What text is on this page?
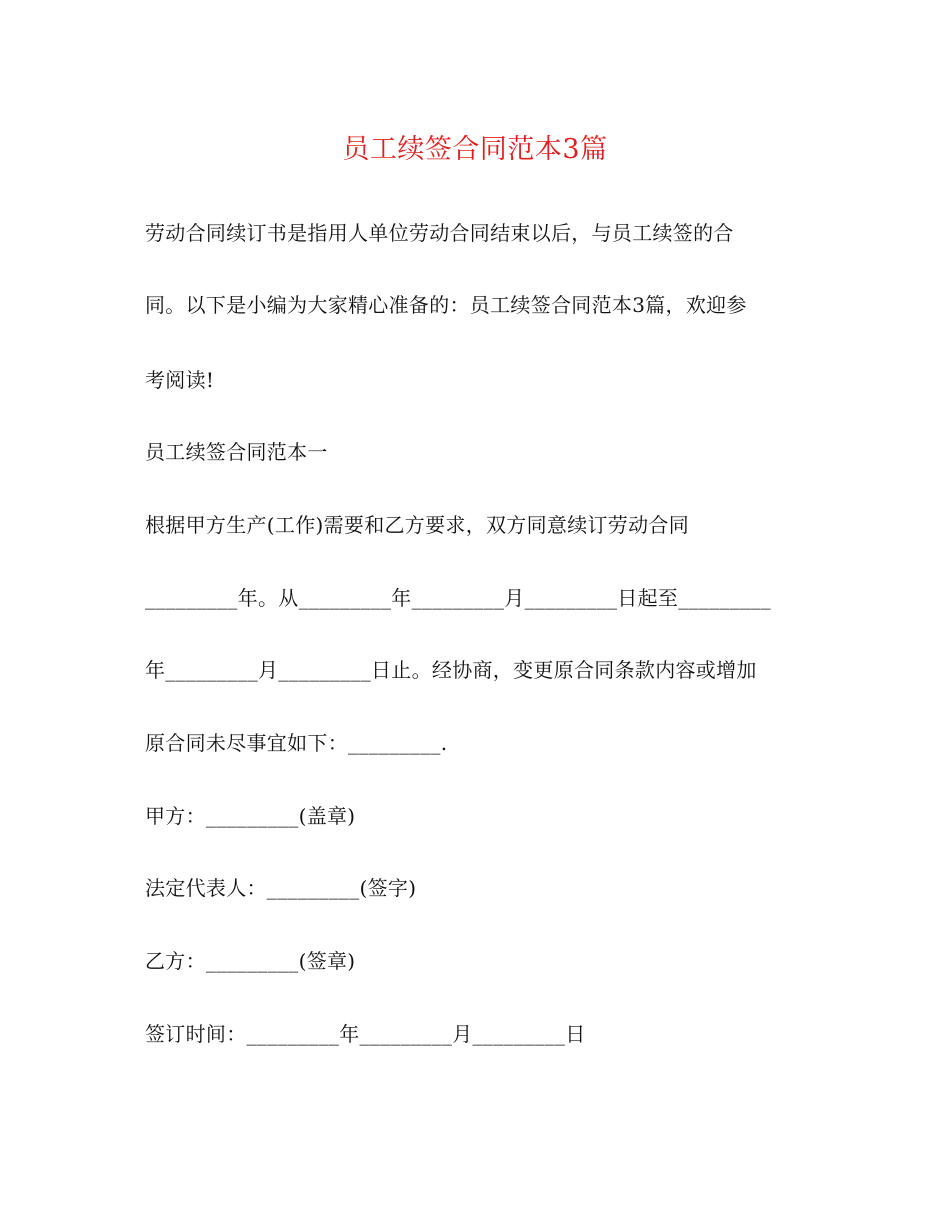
员工续签合同范本3篇
劳动合同续订书是指用人单位劳动合同结束以后，与员工续签的合
同。以下是小编为大家精心准备的：员工续签合同范本3篇，欢迎参
考阅读!
员工续签合同范本一
根据甲方生产(工作)需要和乙方要求，双方同意续订劳动合同
_________年。从_________年_________月_________日起至_________
年_________月_________日止。经协商，变更原合同条款内容或增加
原合同未尽事宜如下：_________.
甲方：_________(盖章)
法定代表人：_________(签字)
乙方：_________(签章)
签订时间：_________年_________月_________日
